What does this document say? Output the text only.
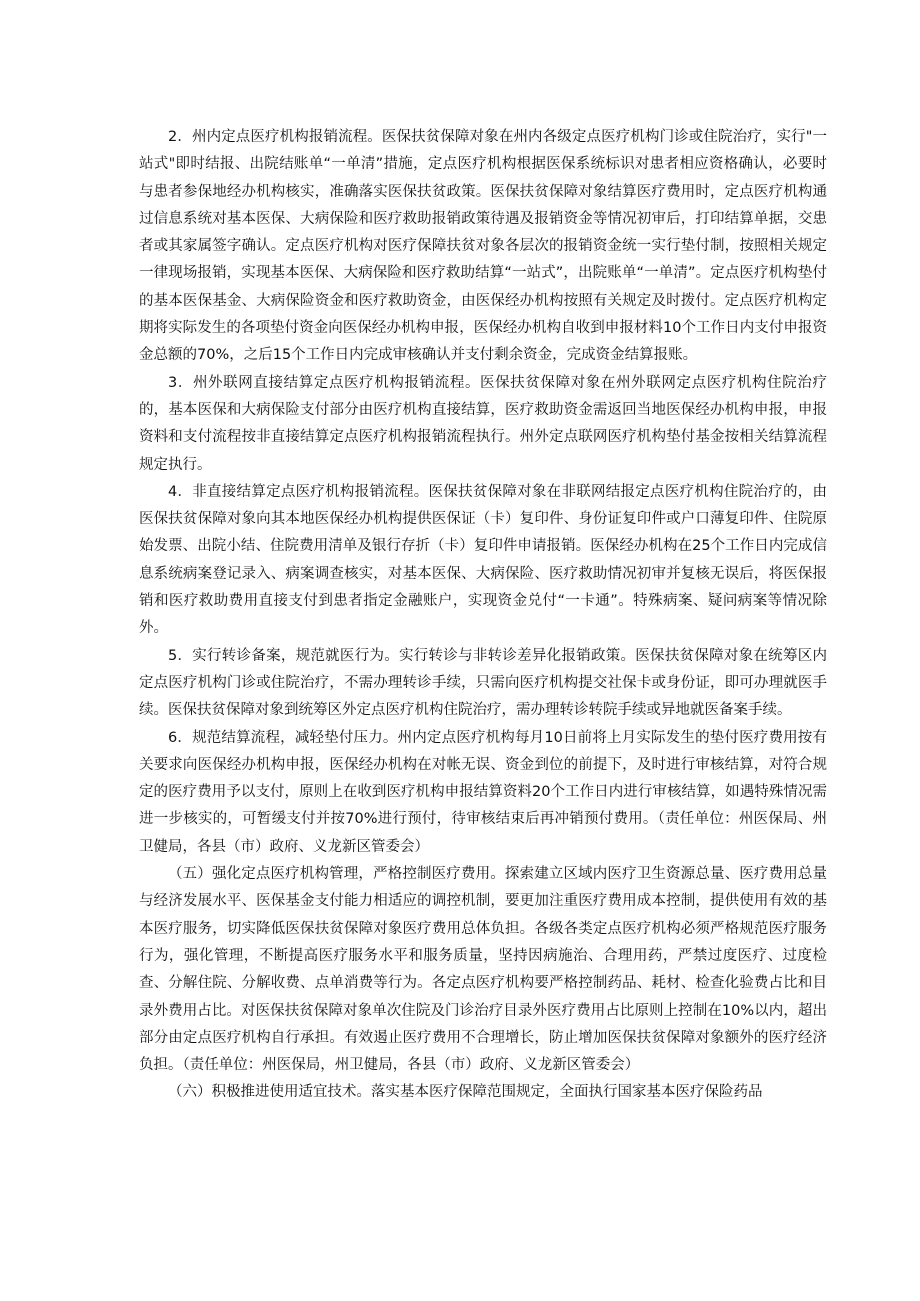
2．州内定点医疗机构报销流程。医保扶贫保障对象在州内各级定点医疗机构门诊或住院治疗，实行"一站式"即时结报、出院结账单“一单清”措施，定点医疗机构根据医保系统标识对患者相应资格确认，必要时与患者参保地经办机构核实，准确落实医保扶贫政策。医保扶贫保障对象结算医疗费用时，定点医疗机构通过信息系统对基本医保、大病保险和医疗救助报销政策待遇及报销资金等情况初审后，打印结算单据，交患者或其家属签字确认。定点医疗机构对医疗保障扶贫对象各层次的报销资金统一实行垫付制，按照相关规定一律现场报销，实现基本医保、大病保险和医疗救助结算“一站式”，出院账单“一单清”。定点医疗机构垫付的基本医保基金、大病保险资金和医疗救助资金，由医保经办机构按照有关规定及时拨付。定点医疗机构定期将实际发生的各项垫付资金向医保经办机构申报，医保经办机构自收到申报材料10个工作日内支付申报资金总额的70%，之后15个工作日内完成审核确认并支付剩余资金，完成资金结算报账。

3．州外联网直接结算定点医疗机构报销流程。医保扶贫保障对象在州外联网定点医疗机构住院治疗的，基本医保和大病保险支付部分由医疗机构直接结算，医疗救助资金需返回当地医保经办机构申报，申报资料和支付流程按非直接结算定点医疗机构报销流程执行。州外定点联网医疗机构垫付基金按相关结算流程规定执行。

4．非直接结算定点医疗机构报销流程。医保扶贫保障对象在非联网结报定点医疗机构住院治疗的，由医保扶贫保障对象向其本地医保经办机构提供医保证（卡）复印件、身份证复印件或户口薄复印件、住院原始发票、出院小结、住院费用清单及银行存折（卡）复印件申请报销。医保经办机构在25个工作日内完成信息系统病案登记录入、病案调查核实，对基本医保、大病保险、医疗救助情况初审并复核无误后，将医保报销和医疗救助费用直接支付到患者指定金融账户，实现资金兑付“一卡通”。特殊病案、疑问病案等情况除外。

5．实行转诊备案，规范就医行为。实行转诊与非转诊差异化报销政策。医保扶贫保障对象在统筹区内定点医疗机构门诊或住院治疗，不需办理转诊手续，只需向医疗机构提交社保卡或身份证，即可办理就医手续。医保扶贫保障对象到统筹区外定点医疗机构住院治疗，需办理转诊转院手续或异地就医备案手续。

6．规范结算流程，减轻垫付压力。州内定点医疗机构每月10日前将上月实际发生的垫付医疗费用按有关要求向医保经办机构申报，医保经办机构在对帐无误、资金到位的前提下，及时进行审核结算，对符合规定的医疗费用予以支付，原则上在收到医疗机构申报结算资料20个工作日内进行审核结算，如遇特殊情况需进一步核实的，可暂缓支付并按70%进行预付，待审核结束后再冲销预付费用。（责任单位：州医保局、州卫健局，各县（市）政府、义龙新区管委会）

（五）强化定点医疗机构管理，严格控制医疗费用。探索建立区域内医疗卫生资源总量、医疗费用总量与经济发展水平、医保基金支付能力相适应的调控机制，要更加注重医疗费用成本控制，提供使用有效的基本医疗服务，切实降低医保扶贫保障对象医疗费用总体负担。各级各类定点医疗机构必须严格规范医疗服务行为，强化管理，不断提高医疗服务水平和服务质量，坚持因病施治、合理用药，严禁过度医疗、过度检查、分解住院、分解收费、点单消费等行为。各定点医疗机构要严格控制药品、耗材、检查化验费占比和目录外费用占比。对医保扶贫保障对象单次住院及门诊治疗目录外医疗费用占比原则上控制在10%以内，超出部分由定点医疗机构自行承担。有效遏止医疗费用不合理增长，防止增加医保扶贫保障对象额外的医疗经济负担。（责任单位：州医保局，州卫健局，各县（市）政府、义龙新区管委会）

（六）积极推进使用适宜技术。落实基本医疗保障范围规定，全面执行国家基本医疗保险药品
